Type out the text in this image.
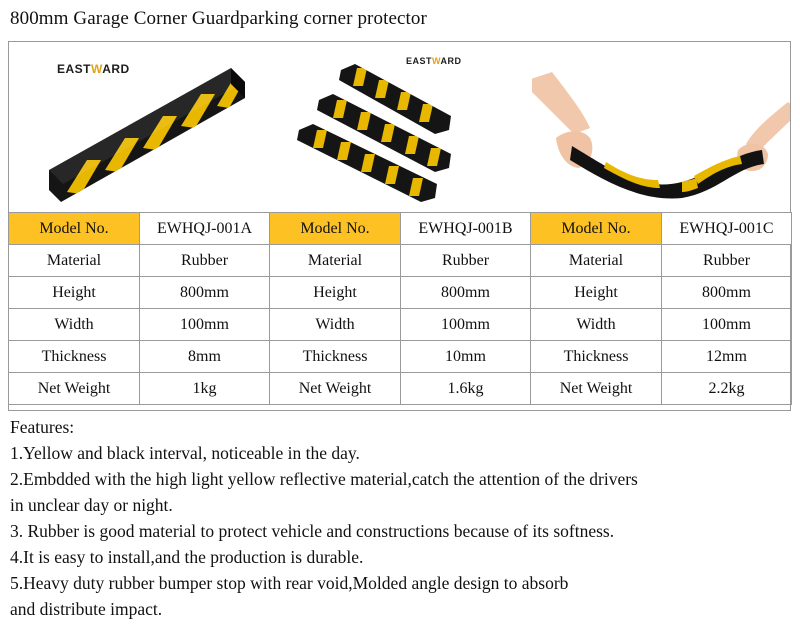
800mm Garage Corner Guardparking corner protector
EASTWARD
EASTWARD
Model No.	EWHQJ-001A	Model No.	EWHQJ-001B	Model No.	EWHQJ-001C
Material	Rubber	Material	Rubber	Material	Rubber
Height	800mm	Height	800mm	Height	800mm
Width	100mm	Width	100mm	Width	100mm
Thickness	8mm	Thickness	10mm	Thickness	12mm
Net Weight	1kg	Net Weight	1.6kg	Net Weight	2.2kg

Features:

1.Yellow and black interval, noticeable in the day.

2.Embdded with the high light yellow reflective material,catch the attention of the drivers

in unclear day or night.

3. Rubber is good material to protect vehicle and constructions because of its softness.

4.It is easy to install,and the production is durable.

5.Heavy duty rubber bumper stop with rear void,Molded angle design to absorb

and distribute impact.
